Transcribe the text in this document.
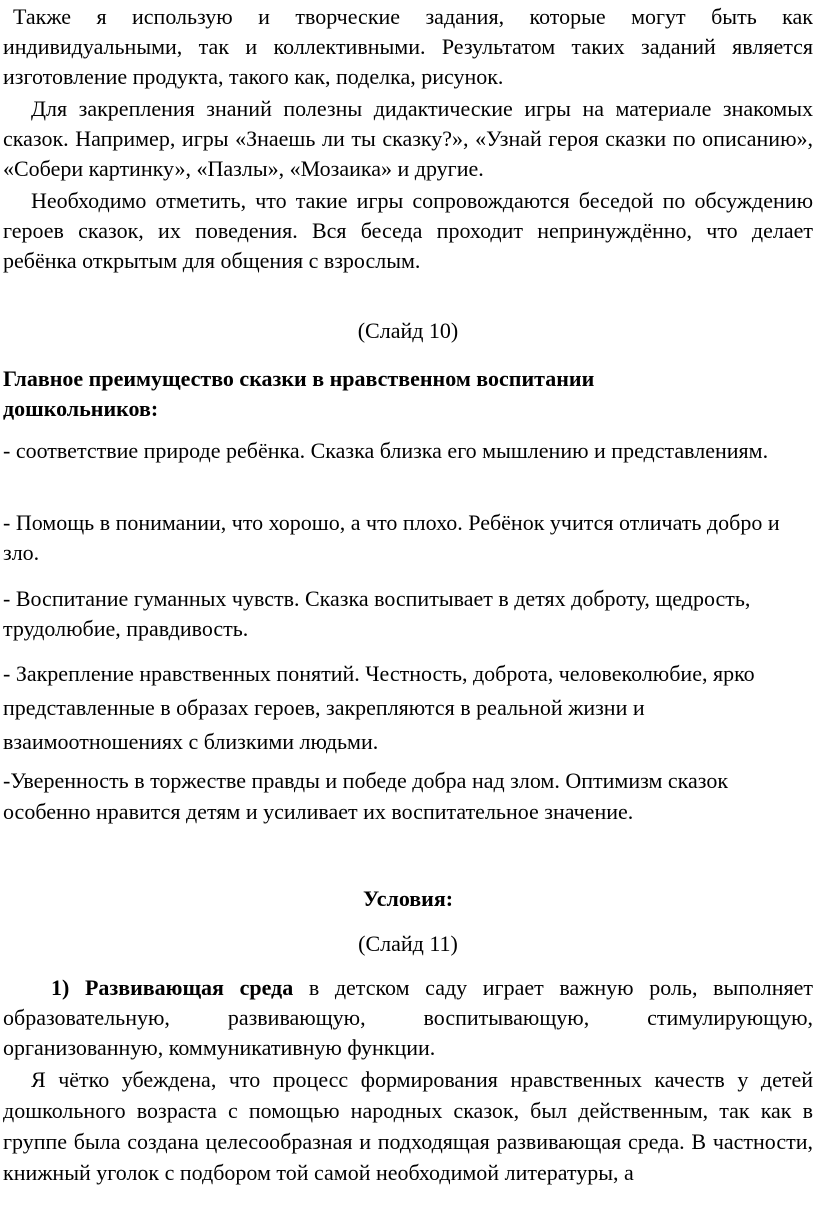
Также я использую и творческие задания, которые могут быть как индивидуальными, так и коллективными. Результатом таких заданий является изготовление продукта, такого как, поделка, рисунок.

Для закрепления знаний полезны дидактические игры на материале знакомых сказок. Например, игры «Знаешь ли ты сказку?», «Узнай героя сказки по описанию», «Собери картинку», «Пазлы», «Мозаика» и другие.

Необходимо отметить, что такие игры сопровождаются беседой по обсуждению героев сказок, их поведения. Вся беседа проходит непринуждённо, что делает ребёнка открытым для общения с взрослым.

(Слайд 10)

Главное преимущество сказки в нравственном воспитании дошкольников:

- соответствие природе ребёнка. Сказка близка его мышлению и представлениям.

- Помощь в понимании, что хорошо, а что плохо. Ребёнок учится отличать добро и зло.

- Воспитание гуманных чувств. Сказка воспитывает в детях доброту, щедрость, трудолюбие, правдивость.

- Закрепление нравственных понятий. Честность, доброта, человеколюбие, ярко представленные в образах героев, закрепляются в реальной жизни и взаимоотношениях с близкими людьми.

-Уверенность в торжестве правды и победе добра над злом. Оптимизм сказок особенно нравится детям и усиливает их воспитательное значение.

Условия:

(Слайд 11)

1) Развивающая среда в детском саду играет важную роль, выполняет образовательную, развивающую, воспитывающую, стимулирующую, организованную, коммуникативную функции.

Я чётко убеждена, что процесс формирования нравственных качеств у детей дошкольного возраста с помощью народных сказок, был действенным, так как в группе была создана целесообразная и подходящая развивающая среда. В частности, книжный уголок с подбором той самой необходимой литературы, а
